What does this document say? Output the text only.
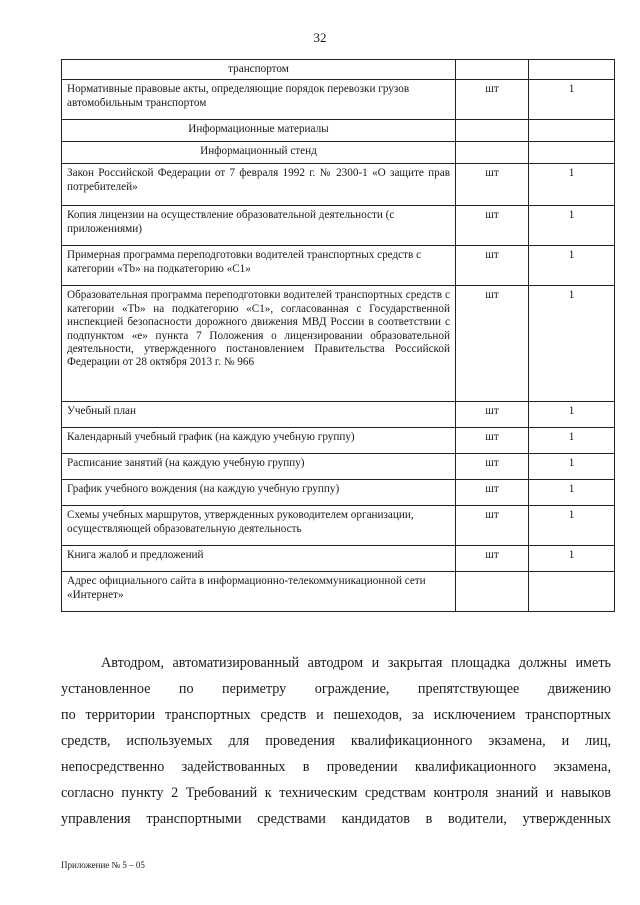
32
транспортом		
Нормативные правовые акты, определяющие порядок перевозки грузов автомобильным транспортом	шт	1
Информационные материалы		
Информационный стенд		
Закон Российской Федерации от 7 февраля 1992 г. № 2300-1 «О защите прав потребителей»	шт	1
Копия лицензии на осуществление образовательной деятельности (с приложениями)	шт	1
Примерная программа переподготовки водителей транспортных средств с категории «Tb» на подкатегорию «C1»	шт	1
Образовательная программа переподготовки водителей транспортных средств с категории «Tb» на подкатегорию «C1», согласованная с Государственной инспекцией безопасности дорожного движения МВД России в соответствии с подпунктом «е» пункта 7 Положения о лицензировании образовательной деятельности, утвержденного постановлением Правительства Российской Федерации от 28 октября 2013 г. № 966	шт	1
Учебный план	шт	1
Календарный учебный график (на каждую учебную группу)	шт	1
Расписание занятий (на каждую учебную группу)	шт	1
График учебного вождения (на каждую учебную группу)	шт	1
Схемы учебных маршрутов, утвержденных руководителем организации, осуществляющей образовательную деятельность	шт	1
Книга жалоб и предложений	шт	1
Адрес официального сайта в информационно-телекоммуникационной сети «Интернет»		
Автодром, автоматизированный автодром и закрытая площадка должны иметь
установленное по периметру ограждение, препятствующее движению
по территории транспортных средств и пешеходов, за исключением транспортных
средств, используемых для проведения квалификационного экзамена, и лиц,
непосредственно задействованных в проведении квалификационного экзамена,
согласно пункту 2 Требований к техническим средствам контроля знаний и навыков
управления транспортными средствами кандидатов в водители, утвержденных
Приложение № 5 – 05
